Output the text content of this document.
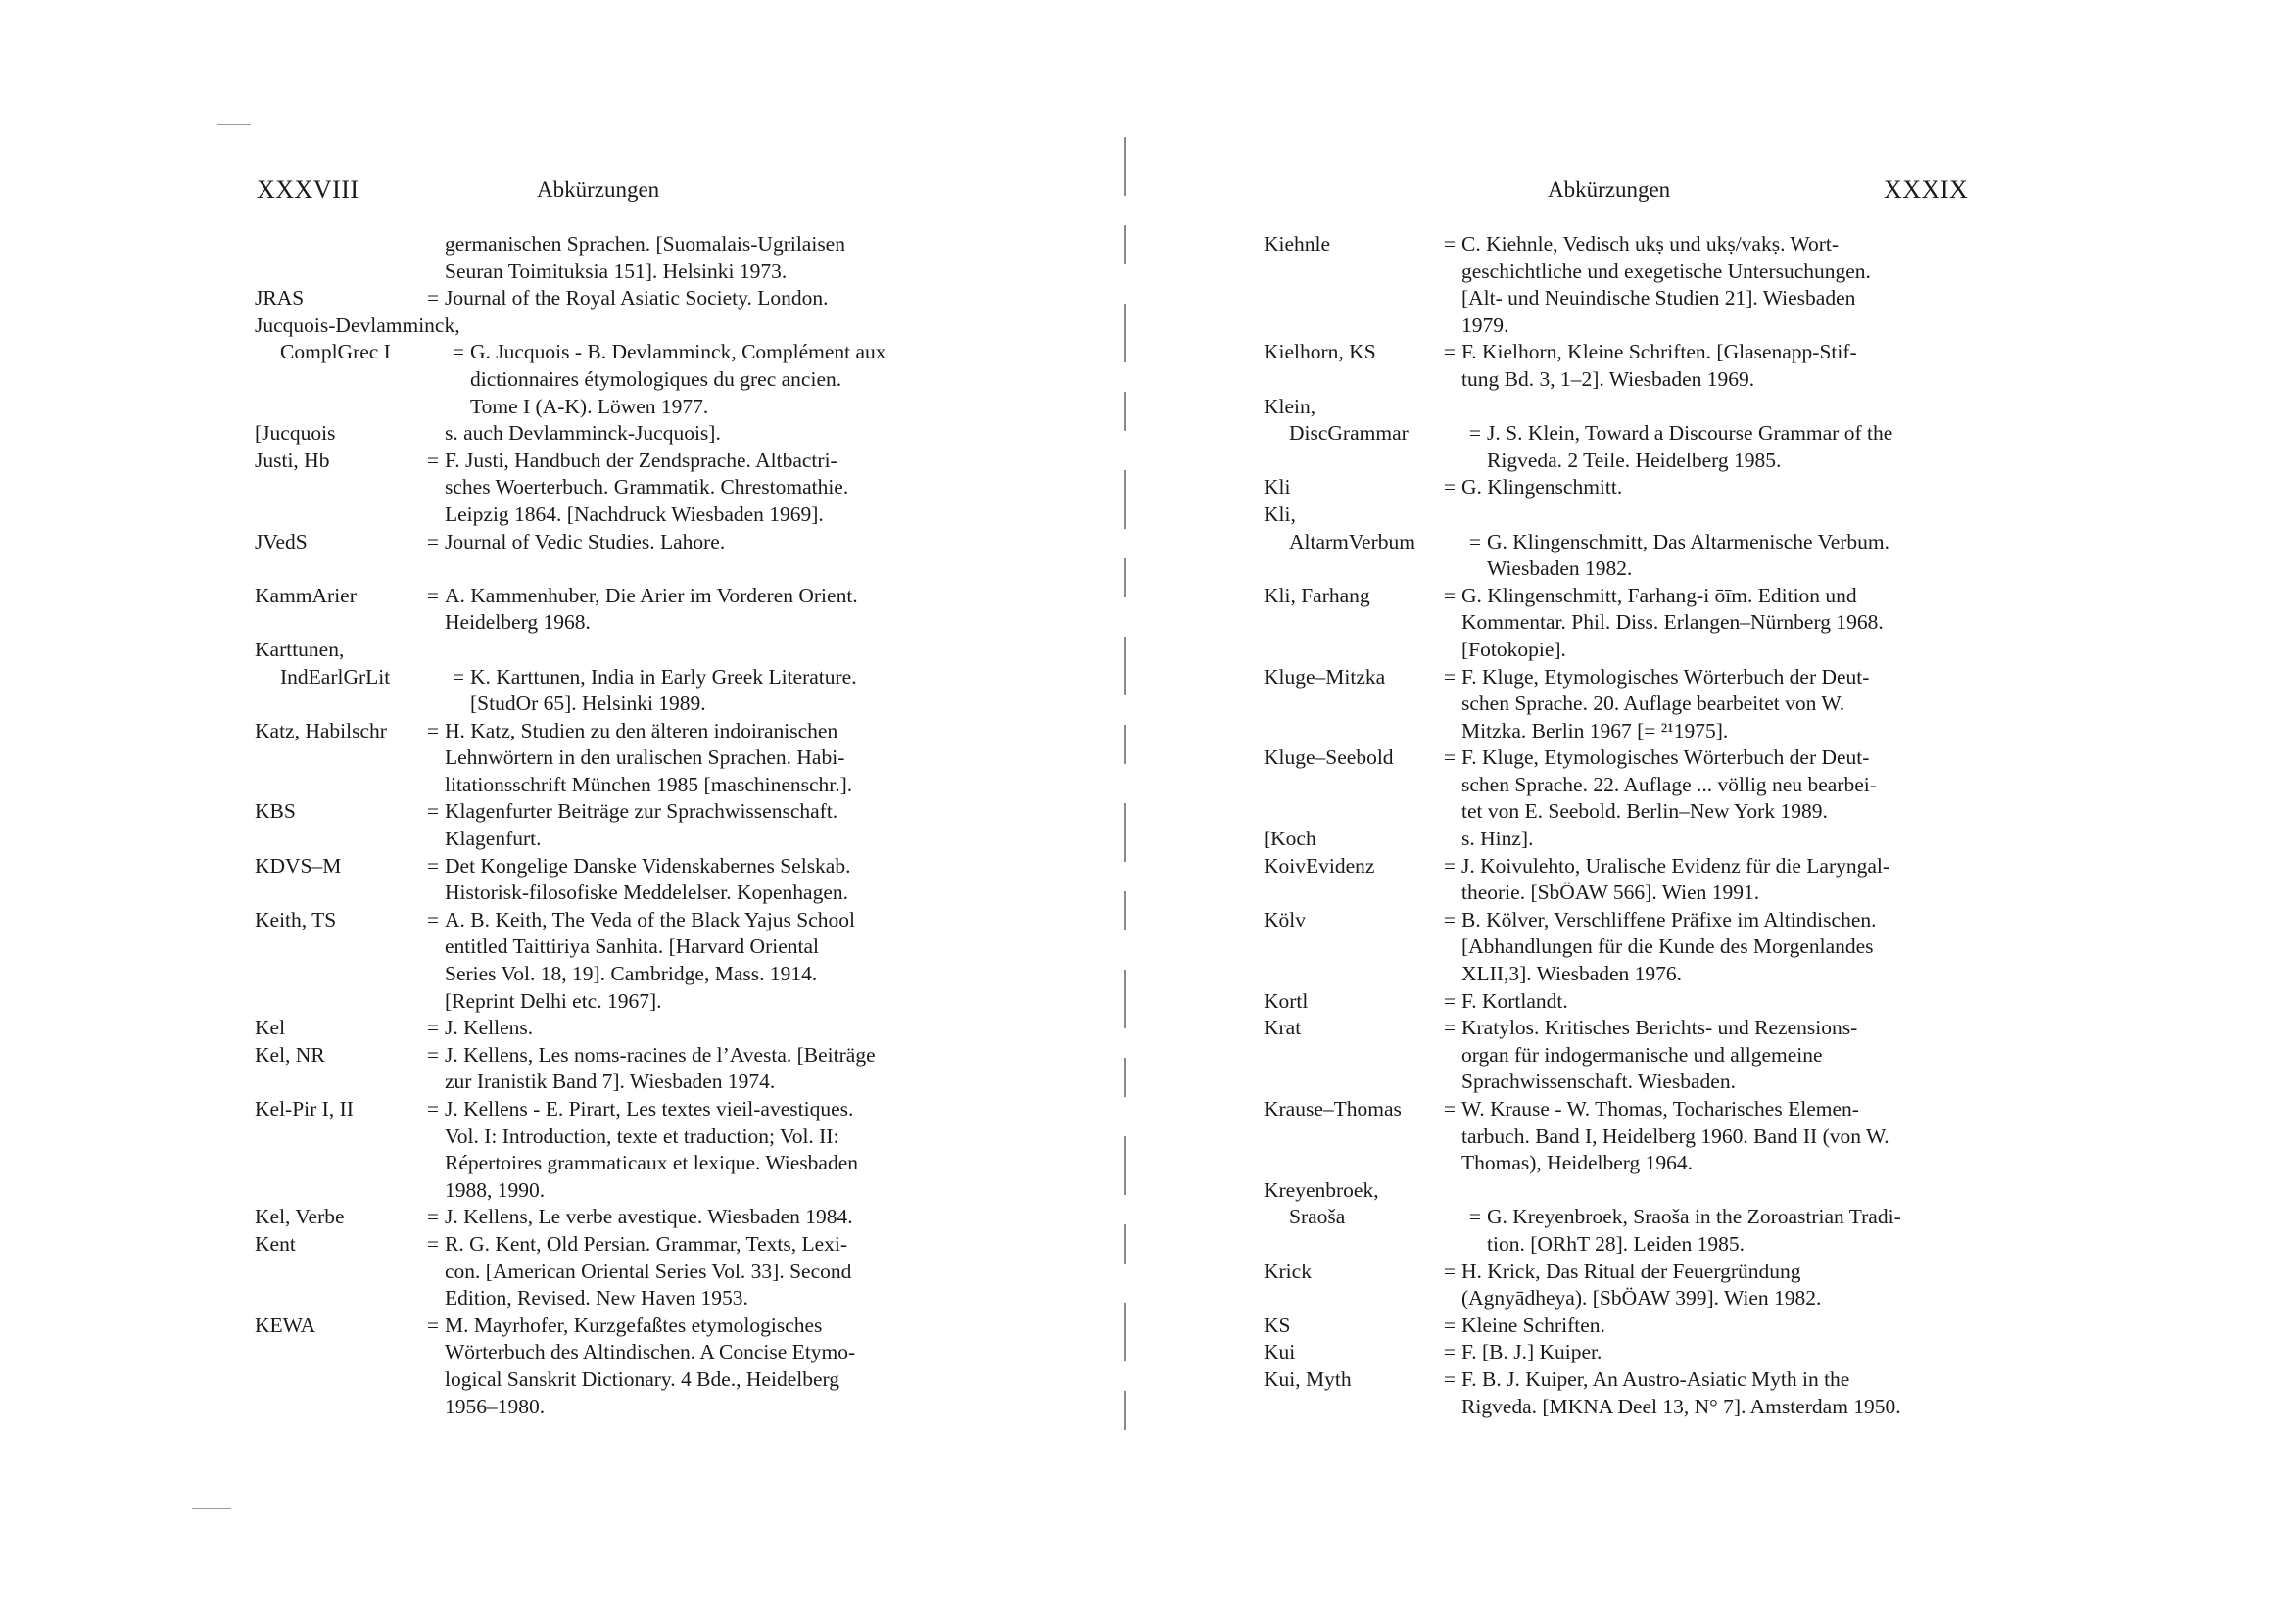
XXXVIII	Abkürzungen
germanischen Sprachen. [Suomalais-Ugrilaisen
Seuran Toimituksia 151]. Helsinki 1973.
JRAS	= Journal of the Royal Asiatic Society. London.
Jucquois-Devlamminck,

ComplGrec I	= G. Jucquois - B. Devlamminck, Complément aux
dictionnaires étymologiques du grec ancien.
Tome I (A-K). Löwen 1977.
[Jucquois	s. auch Devlamminck-Jucquois].
Justi, Hb	= F. Justi, Handbuch der Zendsprache. Altbactri-
sches Woerterbuch. Grammatik. Chrestomathie.
Leipzig 1864. [Nachdruck Wiesbaden 1969].
JVedS	= Journal of Vedic Studies. Lahore.
KammArier	= A. Kammenhuber, Die Arier im Vorderen Orient.
Heidelberg 1968.
Karttunen,

IndEarlGrLit	= K. Karttunen, India in Early Greek Literature.
[StudOr 65]. Helsinki 1989.
Katz, Habilschr	= H. Katz, Studien zu den älteren indoiranischen
Lehnwörtern in den uralischen Sprachen. Habi-
litationsschrift München 1985 [maschinenschr.].
KBS	= Klagenfurter Beiträge zur Sprachwissenschaft.
Klagenfurt.
KDVS–M	= Det Kongelige Danske Videnskabernes Selskab.
Historisk-filosofiske Meddelelser. Kopenhagen.
Keith, TS	= A. B. Keith, The Veda of the Black Yajus School
entitled Taittiriya Sanhita. [Harvard Oriental
Series Vol. 18, 19]. Cambridge, Mass. 1914.
[Reprint Delhi etc. 1967].
Kel	= J. Kellens.
Kel, NR	= J. Kellens, Les noms-racines de l’Avesta. [Beiträge
zur Iranistik Band 7]. Wiesbaden 1974.
Kel-Pir I, II	= J. Kellens - E. Pirart, Les textes vieil-avestiques.
Vol. I: Introduction, texte et traduction; Vol. II:
Répertoires grammaticaux et lexique. Wiesbaden
1988, 1990.
Kel, Verbe	= J. Kellens, Le verbe avestique. Wiesbaden 1984.
Kent	= R. G. Kent, Old Persian. Grammar, Texts, Lexi-
con. [American Oriental Series Vol. 33]. Second
Edition, Revised. New Haven 1953.
KEWA	= M. Mayrhofer, Kurzgefaßtes etymologisches
Wörterbuch des Altindischen. A Concise Etymo-
logical Sanskrit Dictionary. 4 Bde., Heidelberg
1956–1980.
Abkürzungen	XXXIX
Kiehnle	= C. Kiehnle, Vedisch ukṣ und ukṣ/vakṣ. Wort-
geschichtliche und exegetische Untersuchungen.
[Alt- und Neuindische Studien 21]. Wiesbaden
1979.
Kielhorn, KS	= F. Kielhorn, Kleine Schriften. [Glasenapp-Stif-
tung Bd. 3, 1–2]. Wiesbaden 1969.
Klein,

DiscGrammar	= J. S. Klein, Toward a Discourse Grammar of the
Rigveda. 2 Teile. Heidelberg 1985.
Kli	= G. Klingenschmitt.
Kli,

AltarmVerbum	= G. Klingenschmitt, Das Altarmenische Verbum.
Wiesbaden 1982.
Kli, Farhang	= G. Klingenschmitt, Farhang-i ōīm. Edition und
Kommentar. Phil. Diss. Erlangen–Nürnberg 1968.
[Fotokopie].
Kluge–Mitzka	= F. Kluge, Etymologisches Wörterbuch der Deut-
schen Sprache. 20. Auflage bearbeitet von W.
Mitzka. Berlin 1967 [= ²¹1975].
Kluge–Seebold	= F. Kluge, Etymologisches Wörterbuch der Deut-
schen Sprache. 22. Auflage ... völlig neu bearbei-
tet von E. Seebold. Berlin–New York 1989.
[Koch	s. Hinz].
KoivEvidenz	= J. Koivulehto, Uralische Evidenz für die Laryngal-
theorie. [SbÖAW 566]. Wien 1991.
Kölv	= B. Kölver, Verschliffene Präfixe im Altindischen.
[Abhandlungen für die Kunde des Morgenlandes
XLII,3]. Wiesbaden 1976.
Kortl	= F. Kortlandt.
Krat	= Kratylos. Kritisches Berichts- und Rezensions-
organ für indogermanische und allgemeine
Sprachwissenschaft. Wiesbaden.
Krause–Thomas	= W. Krause - W. Thomas, Tocharisches Elemen-
tarbuch. Band I, Heidelberg 1960. Band II (von W.
Thomas), Heidelberg 1964.
Kreyenbroek,

Sraoša	= G. Kreyenbroek, Sraoša in the Zoroastrian Tradi-
tion. [ORhT 28]. Leiden 1985.
Krick	= H. Krick, Das Ritual der Feuergründung
(Agnyādheya). [SbÖAW 399]. Wien 1982.
KS	= Kleine Schriften.
Kui	= F. [B. J.] Kuiper.
Kui, Myth	= F. B. J. Kuiper, An Austro-Asiatic Myth in the
Rigveda. [MKNA Deel 13, N° 7]. Amsterdam 1950.
